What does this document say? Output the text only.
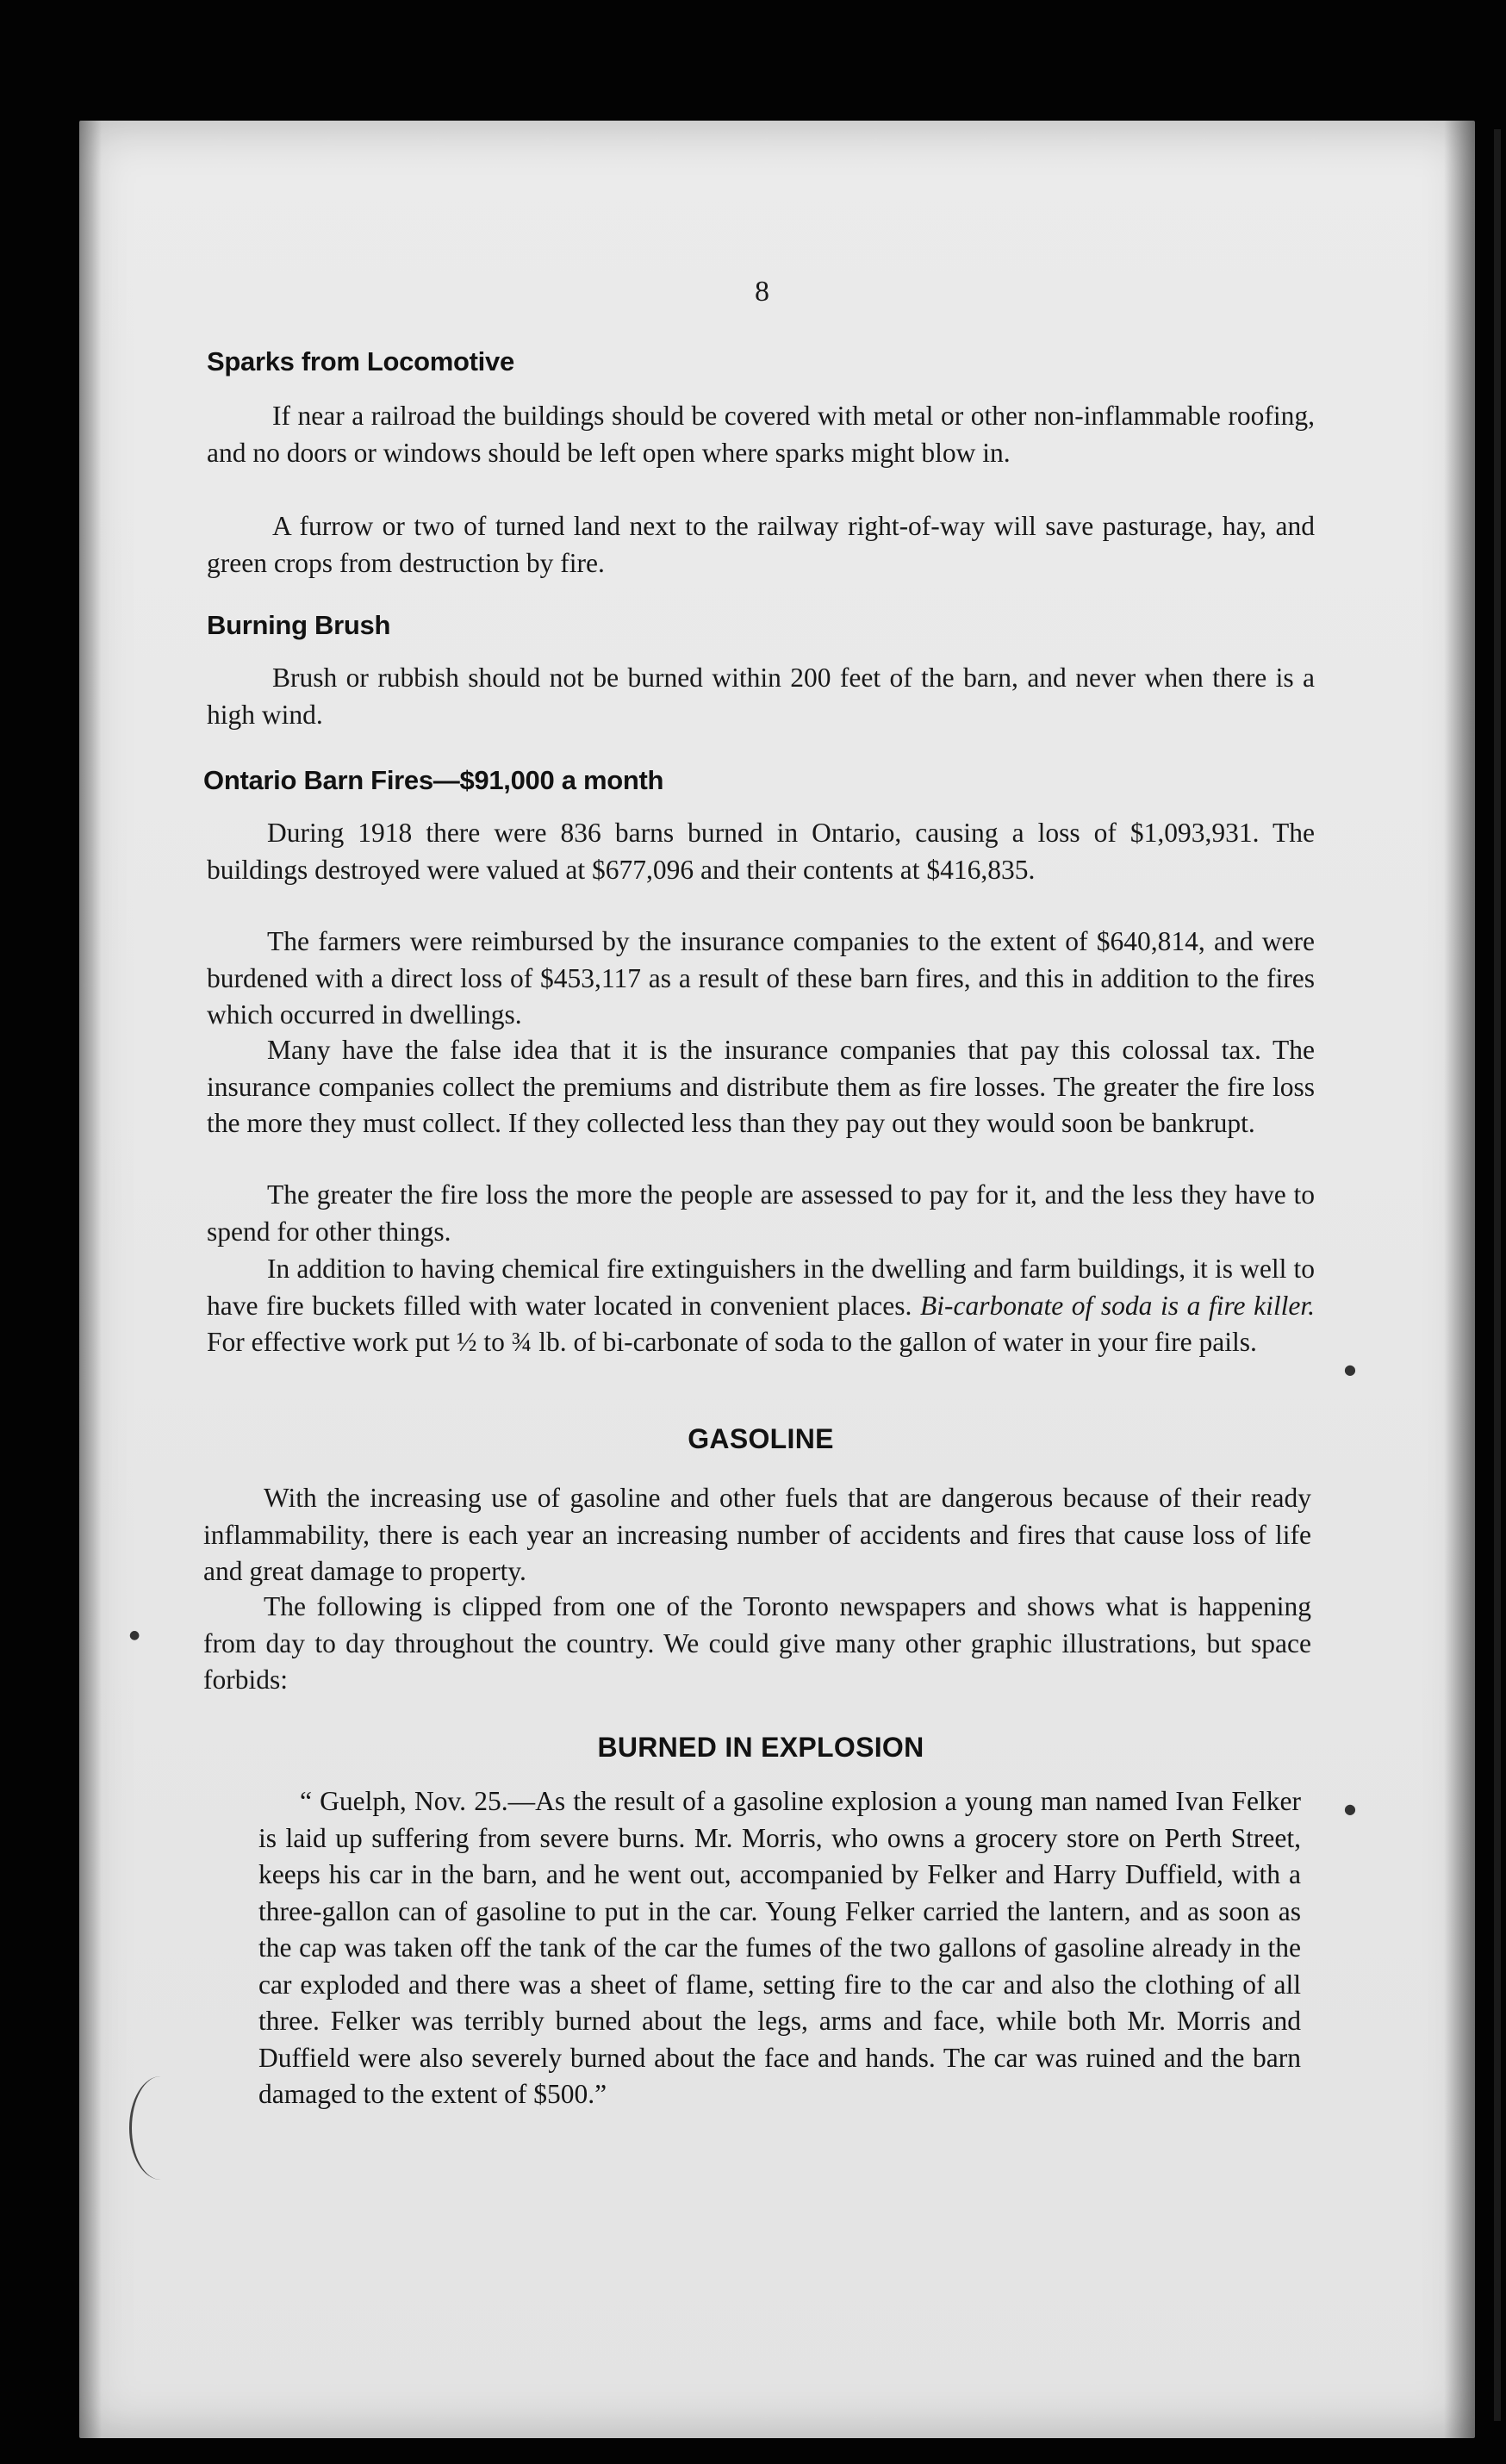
8
Sparks from Locomotive
If near a railroad the buildings should be covered with metal or other non-inflammable roofing, and no doors or windows should be left open where sparks might blow in.
A furrow or two of turned land next to the railway right-of-way will save pasturage, hay, and green crops from destruction by fire.
Burning Brush
Brush or rubbish should not be burned within 200 feet of the barn, and never when there is a high wind.
Ontario Barn Fires—$91,000 a month
During 1918 there were 836 barns burned in Ontario, causing a loss of $1,093,931. The buildings destroyed were valued at $677,096 and their contents at $416,835.
The farmers were reimbursed by the insurance companies to the extent of $640,814, and were burdened with a direct loss of $453,117 as a result of these barn fires, and this in addition to the fires which occurred in dwellings.
Many have the false idea that it is the insurance companies that pay this colossal tax. The insurance companies collect the premiums and distribute them as fire losses. The greater the fire loss the more they must collect. If they collected less than they pay out they would soon be bankrupt.
The greater the fire loss the more the people are assessed to pay for it, and the less they have to spend for other things.
In addition to having chemical fire extinguishers in the dwelling and farm buildings, it is well to have fire buckets filled with water located in convenient places. Bi-carbonate of soda is a fire killer. For effective work put ½ to ¾ lb. of bi-carbonate of soda to the gallon of water in your fire pails.
GASOLINE
With the increasing use of gasoline and other fuels that are dangerous because of their ready inflammability, there is each year an increasing number of accidents and fires that cause loss of life and great damage to property.
The following is clipped from one of the Toronto newspapers and shows what is happening from day to day throughout the country. We could give many other graphic illustrations, but space forbids:
BURNED IN EXPLOSION
“ Guelph, Nov. 25.—As the result of a gasoline explosion a young man named Ivan Felker is laid up suffering from severe burns. Mr. Morris, who owns a grocery store on Perth Street, keeps his car in the barn, and he went out, accompanied by Felker and Harry Duffield, with a three-gallon can of gasoline to put in the car. Young Felker carried the lantern, and as soon as the cap was taken off the tank of the car the fumes of the two gallons of gasoline already in the car exploded and there was a sheet of flame, setting fire to the car and also the clothing of all three. Felker was terribly burned about the legs, arms and face, while both Mr. Morris and Duffield were also severely burned about the face and hands. The car was ruined and the barn damaged to the extent of $500.”
●
●
●
